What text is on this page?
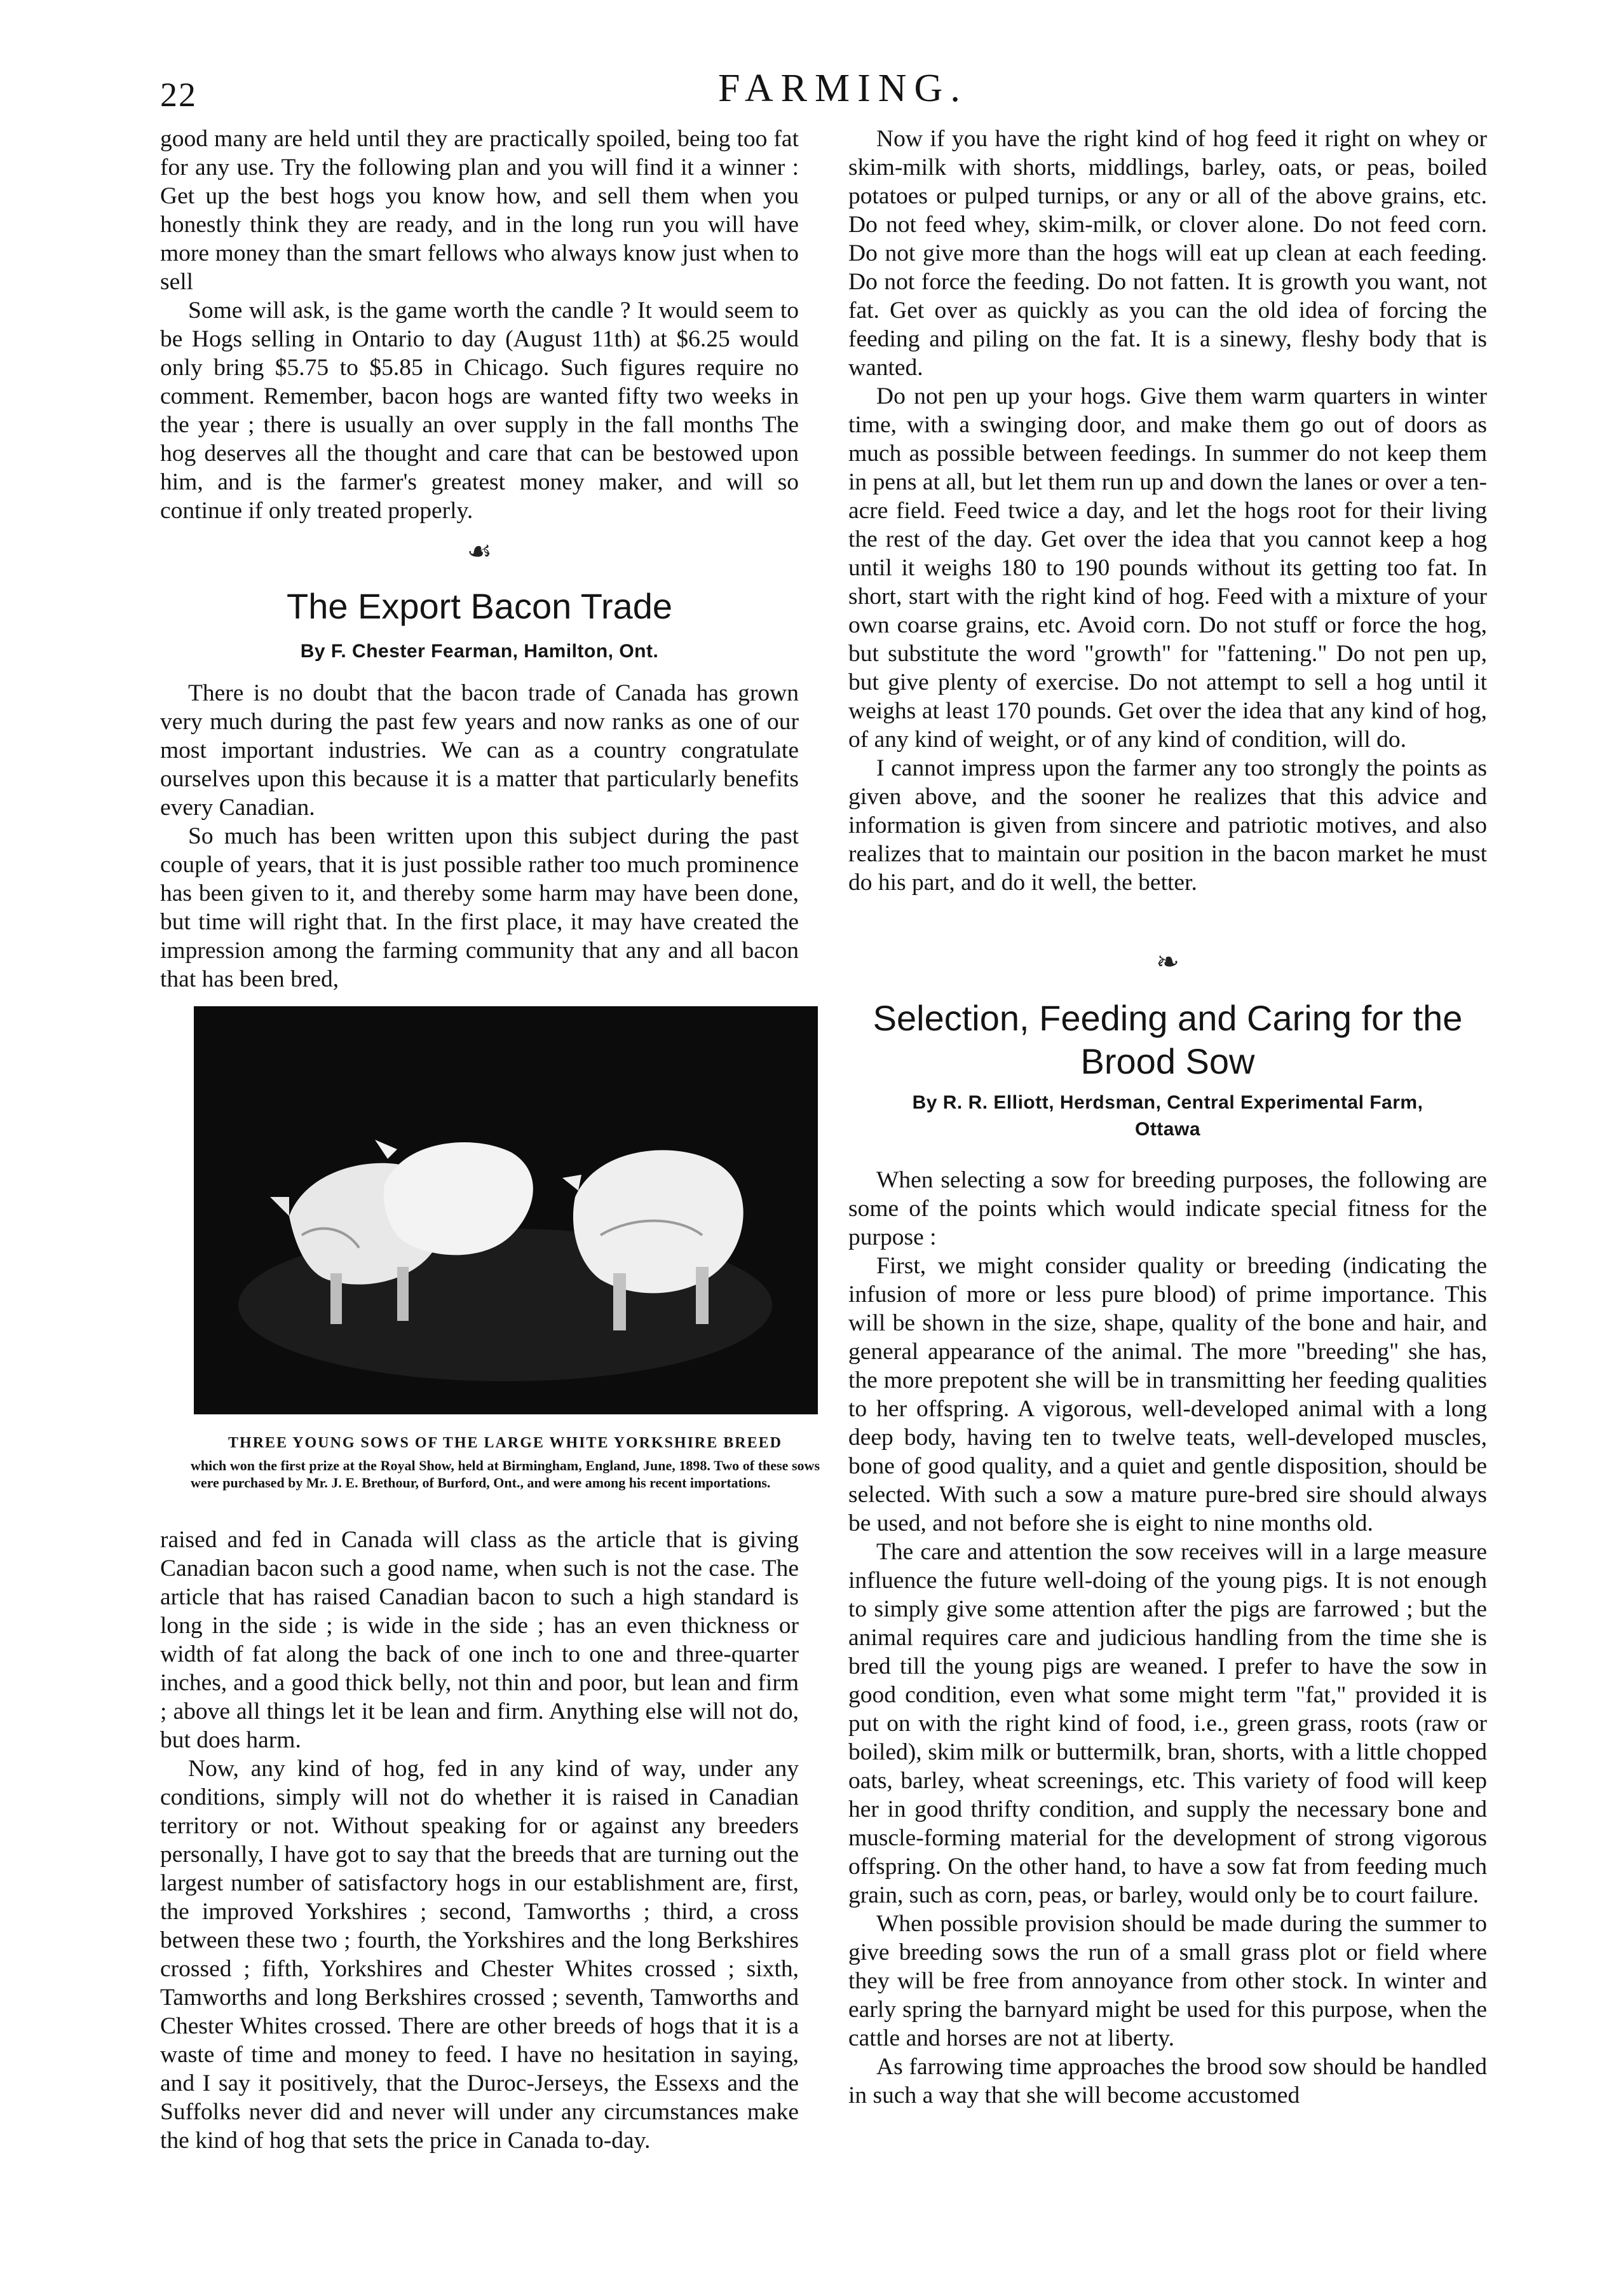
22	FARMING.

good many are held until they are practically spoiled, being too fat for any use. Try the following plan and you will find it a winner : Get up the best hogs you know how, and sell them when you honestly think they are ready, and in the long run you will have more money than the smart fellows who always know just when to sell

Some will ask, is the game worth the candle ? It would seem to be Hogs selling in Ontario to day (August 11th) at $6.25 would only bring $5.75 to $5.85 in Chicago. Such figures require no comment. Remember, bacon hogs are wanted fifty two weeks in the year ; there is usually an over supply in the fall months The hog deserves all the thought and care that can be bestowed upon him, and is the farmer's greatest money maker, and will so continue if only treated properly.

☙
The Export Bacon Trade
By F. Chester Fearman, Hamilton, Ont.

There is no doubt that the bacon trade of Canada has grown very much during the past few years and now ranks as one of our most important industries. We can as a country congratulate ourselves upon this because it is a matter that particularly benefits every Canadian.

So much has been written upon this subject during the past couple of years, that it is just possible rather too much prominence has been given to it, and thereby some harm may have been done, but time will right that. In the first place, it may have created the impression among the farming community that any and all bacon that has been bred,

THREE YOUNG SOWS OF THE LARGE WHITE YORKSHIRE BREED
which won the first prize at the Royal Show, held at Birmingham, England, June, 1898. Two of these sows were purchased by Mr. J. E. Brethour, of Burford, Ont., and were among his recent importations.

raised and fed in Canada will class as the article that is giving Canadian bacon such a good name, when such is not the case. The article that has raised Canadian bacon to such a high standard is long in the side ; is wide in the side ; has an even thickness or width of fat along the back of one inch to one and three-quarter inches, and a good thick belly, not thin and poor, but lean and firm ; above all things let it be lean and firm. Anything else will not do, but does harm.

Now, any kind of hog, fed in any kind of way, under any conditions, simply will not do whether it is raised in Canadian territory or not. Without speaking for or against any breeders personally, I have got to say that the breeds that are turning out the largest number of satisfactory hogs in our establishment are, first, the improved Yorkshires ; second, Tamworths ; third, a cross between these two ; fourth, the Yorkshires and the long Berkshires crossed ; fifth, Yorkshires and Chester Whites crossed ; sixth, Tamworths and long Berkshires crossed ; seventh, Tamworths and Chester Whites crossed. There are other breeds of hogs that it is a waste of time and money to feed. I have no hesitation in saying, and I say it positively, that the Duroc-Jerseys, the Essexs and the Suffolks never did and never will under any circumstances make the kind of hog that sets the price in Canada to-day.

Now if you have the right kind of hog feed it right on whey or skim-milk with shorts, middlings, barley, oats, or peas, boiled potatoes or pulped turnips, or any or all of the above grains, etc. Do not feed whey, skim-milk, or clover alone. Do not feed corn. Do not give more than the hogs will eat up clean at each feeding. Do not force the feeding. Do not fatten. It is growth you want, not fat. Get over as quickly as you can the old idea of forcing the feeding and piling on the fat. It is a sinewy, fleshy body that is wanted.

Do not pen up your hogs. Give them warm quarters in winter time, with a swinging door, and make them go out of doors as much as possible between feedings. In summer do not keep them in pens at all, but let them run up and down the lanes or over a ten-acre field. Feed twice a day, and let the hogs root for their living the rest of the day. Get over the idea that you cannot keep a hog until it weighs 180 to 190 pounds without its getting too fat. In short, start with the right kind of hog. Feed with a mixture of your own coarse grains, etc. Avoid corn. Do not stuff or force the hog, but substitute the word "growth" for "fattening." Do not pen up, but give plenty of exercise. Do not attempt to sell a hog until it weighs at least 170 pounds. Get over the idea that any kind of hog, of any kind of weight, or of any kind of condition, will do.

I cannot impress upon the farmer any too strongly the points as given above, and the sooner he realizes that this advice and information is given from sincere and patriotic motives, and also realizes that to maintain our position in the bacon market he must do his part, and do it well, the better.

❧
Selection, Feeding and Caring for the
Brood Sow
By R. R. Elliott, Herdsman, Central Experimental Farm,
Ottawa

When selecting a sow for breeding purposes, the following are some of the points which would indicate special fitness for the purpose :

First, we might consider quality or breeding (indicating the infusion of more or less pure blood) of prime importance. This will be shown in the size, shape, quality of the bone and hair, and general appearance of the animal. The more "breeding" she has, the more prepotent she will be in transmitting her feeding qualities to her offspring. A vigorous, well-developed animal with a long deep body, having ten to twelve teats, well-developed muscles, bone of good quality, and a quiet and gentle disposition, should be selected. With such a sow a mature pure-bred sire should always be used, and not before she is eight to nine months old.

The care and attention the sow receives will in a large measure influence the future well-doing of the young pigs. It is not enough to simply give some attention after the pigs are farrowed ; but the animal requires care and judicious handling from the time she is bred till the young pigs are weaned. I prefer to have the sow in good condition, even what some might term "fat," provided it is put on with the right kind of food, i.e., green grass, roots (raw or boiled), skim milk or buttermilk, bran, shorts, with a little chopped oats, barley, wheat screenings, etc. This variety of food will keep her in good thrifty condition, and supply the necessary bone and muscle-forming material for the development of strong vigorous offspring. On the other hand, to have a sow fat from feeding much grain, such as corn, peas, or barley, would only be to court failure.

When possible provision should be made during the summer to give breeding sows the run of a small grass plot or field where they will be free from annoyance from other stock. In winter and early spring the barnyard might be used for this purpose, when the cattle and horses are not at liberty.

As farrowing time approaches the brood sow should be handled in such a way that she will become accustomed
